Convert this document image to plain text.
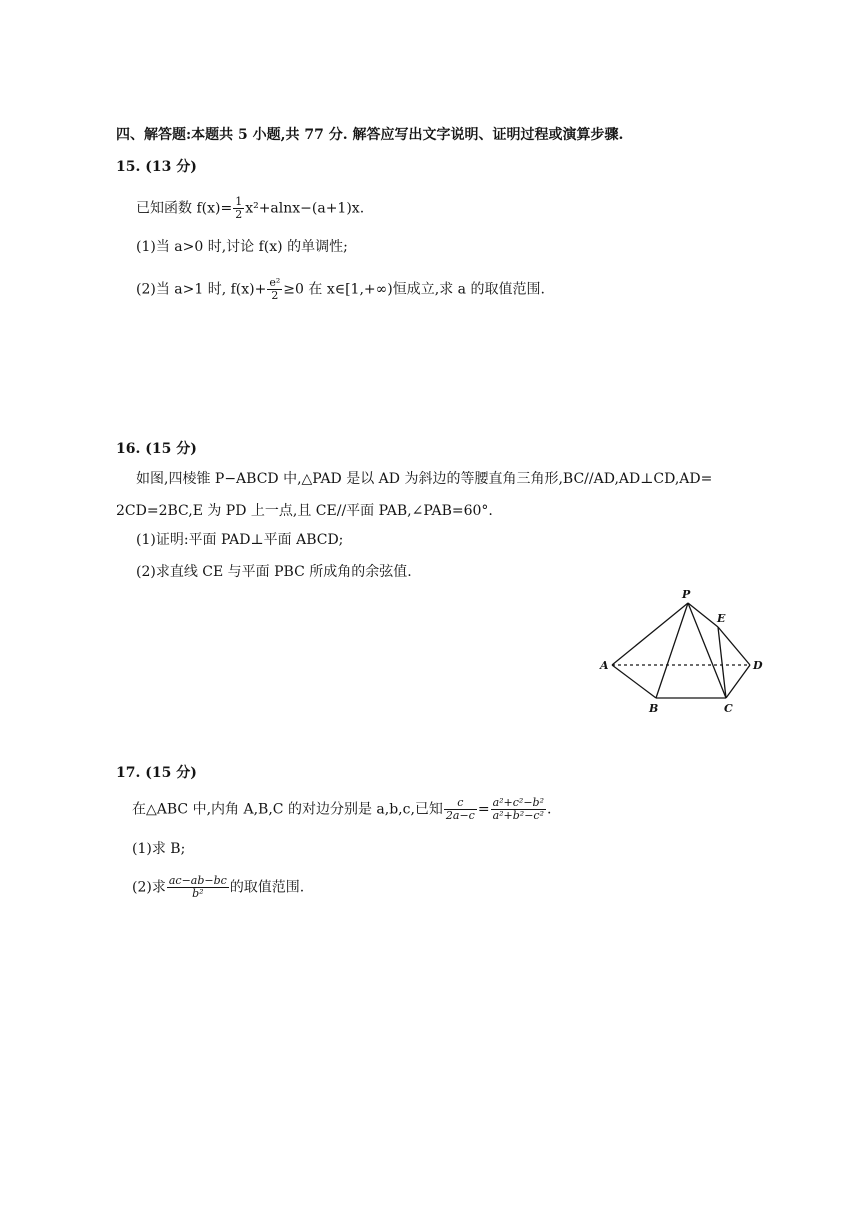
四、解答题:本题共 5 小题,共 77 分. 解答应写出文字说明、证明过程或演算步骤.
15. (13 分)
已知函数 $f(x)= \frac{1}{2} x^2+alnx-(a+1)x$.
(1)当 a>0 时,讨论 f(x) 的单调性;
(2)当 a>1 时, $f(x)+ \frac{\text{e²}}{2} \ge 0$ 在 x∈[1,+∞)恒成立,求 a 的取值范围.
16. (15 分)
如图,四棱锥 P−ABCD 中,△PAD 是以 AD 为斜边的等腰直角三角形,BC//AD,AD⊥CD,AD=
2CD=2BC,E 为 PD 上一点,且 CE//平面 PAB,∠PAB=60°.
(1)证明:平面 PAD⊥平面 ABCD;
(2)求直线 CE 与平面 PBC 所成角的余弦值.
P
E
A	D
B	C
17. (15 分)
在△ABC 中,内角 A,B,C 的对边分别是 a,b,c,已知 $\frac{c}{2a-c} = \frac{\text{a²+c²−b²}}{\text{a²+b²−c²}}$ .
(1)求 B;
(2)求 $\frac{ac-ab-bc}{\text{b²}}$ 的取值范围.
